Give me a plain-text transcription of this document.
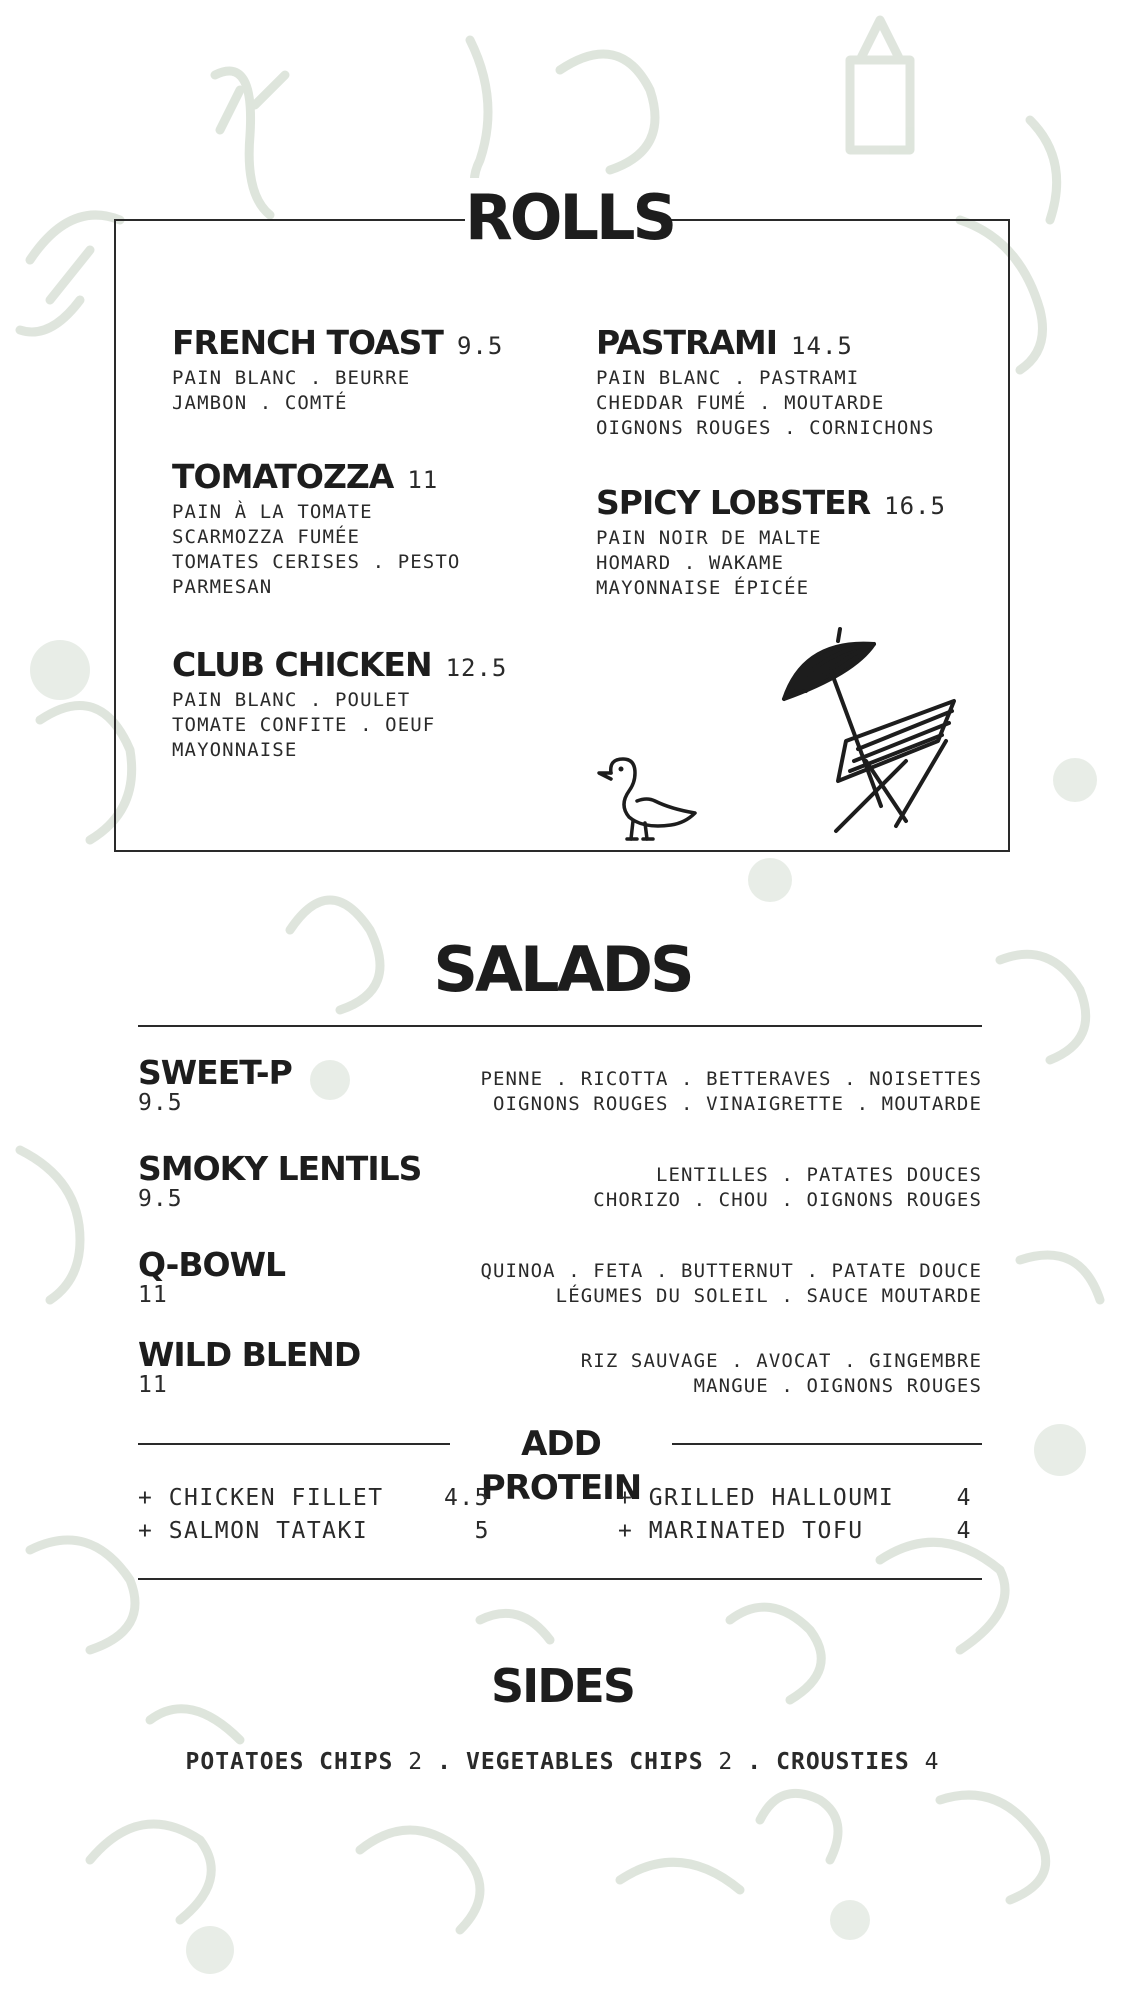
FRENCH TOAST 9.5
PAIN BLANC . BEURRE
JAMBON . COMTÉ
PASTRAMI 14.5
PAIN BLANC . PASTRAMI
CHEDDAR FUMÉ . MOUTARDE
OIGNONS ROUGES . CORNICHONS
TOMATOZZA 11
PAIN À LA TOMATE
SCARMOZZA FUMÉE
TOMATES CERISES . PESTO
PARMESAN
SPICY LOBSTER 16.5
PAIN NOIR DE MALTE
HOMARD . WAKAME
MAYONNAISE ÉPICÉE
CLUB CHICKEN 12.5
PAIN BLANC . POULET
TOMATE CONFITE . OEUF
MAYONNAISE
ROLLS
SALADS
SWEET-P
9.5
PENNE . RICOTTA . BETTERAVES . NOISETTES
OIGNONS ROUGES . VINAIGRETTE . MOUTARDE
SMOKY LENTILS
9.5
LENTILLES . PATATES DOUCES
CHORIZO . CHOU . OIGNONS ROUGES
Q-BOWL
11
QUINOA . FETA . BUTTERNUT . PATATE DOUCE
LÉGUMES DU SOLEIL . SAUCE MOUTARDE
WILD BLEND
11
RIZ SAUVAGE . AVOCAT . GINGEMBRE
MANGUE . OIGNONS ROUGES
ADD PROTEIN
+ CHICKEN FILLET	4.5
+ SALMON TATAKI	5
+ GRILLED HALLOUMI	4
+ MARINATED TOFU	4
SIDES
POTATOES CHIPS 2 . VEGETABLES CHIPS 2 . CROUSTIES 4
